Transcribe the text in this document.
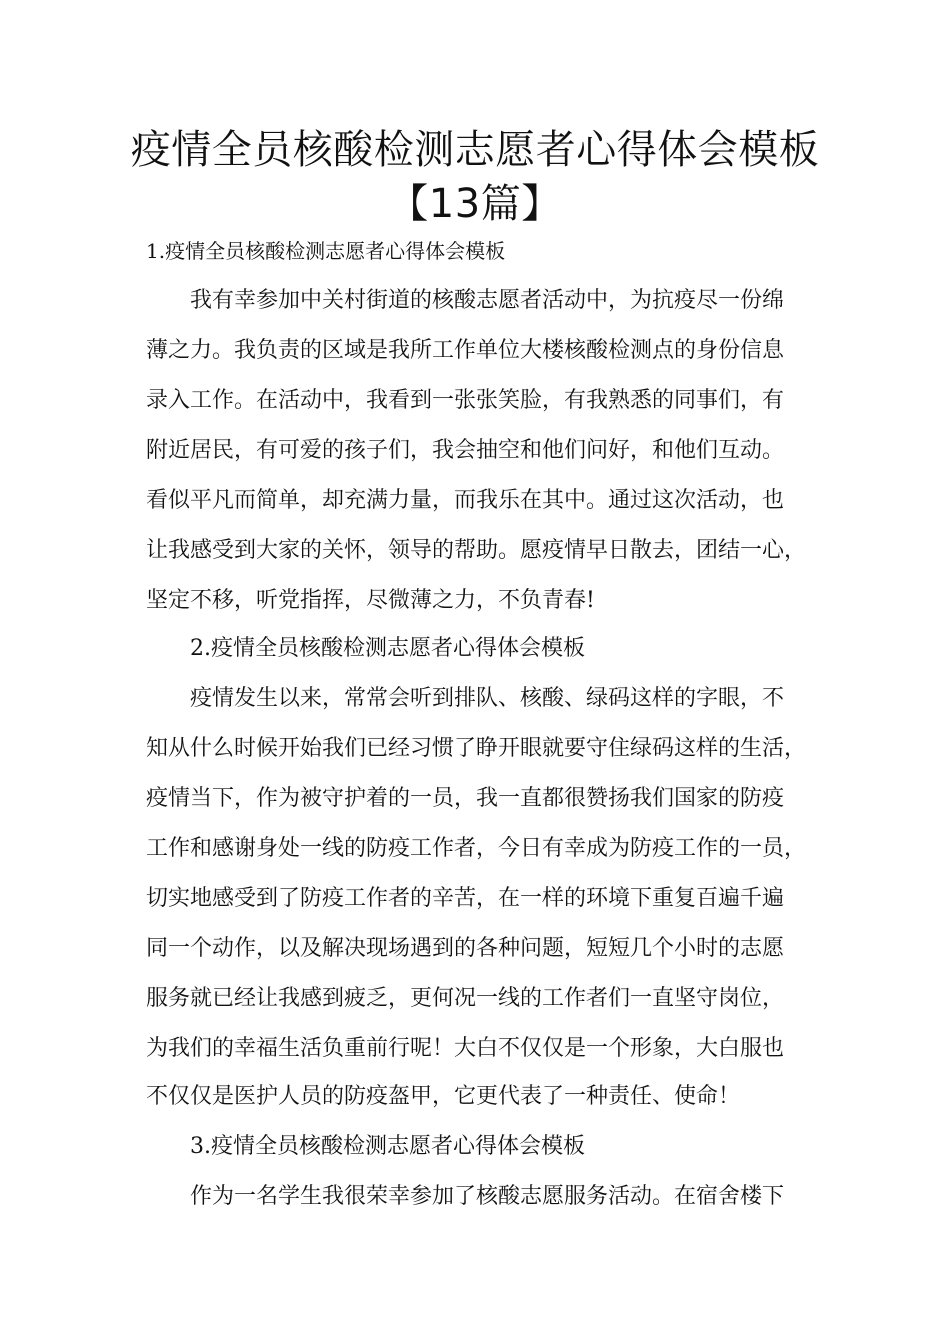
疫情全员核酸检测志愿者心得体会模板
【13篇】

1.疫情全员核酸检测志愿者心得体会模板

我有幸参加中关村街道的核酸志愿者活动中，为抗疫尽一份绵

薄之力。我负责的区域是我所工作单位大楼核酸检测点的身份信息

录入工作。在活动中，我看到一张张笑脸，有我熟悉的同事们，有

附近居民，有可爱的孩子们，我会抽空和他们问好，和他们互动。

看似平凡而简单，却充满力量，而我乐在其中。通过这次活动，也

让我感受到大家的关怀，领导的帮助。愿疫情早日散去，团结一心，

坚定不移，听党指挥，尽微薄之力，不负青春!

2.疫情全员核酸检测志愿者心得体会模板

疫情发生以来，常常会听到排队、核酸、绿码这样的字眼，不

知从什么时候开始我们已经习惯了睁开眼就要守住绿码这样的生活，

疫情当下，作为被守护着的一员，我一直都很赞扬我们国家的防疫

工作和感谢身处一线的防疫工作者，今日有幸成为防疫工作的一员，

切实地感受到了防疫工作者的辛苦，在一样的环境下重复百遍千遍

同一个动作，以及解决现场遇到的各种问题，短短几个小时的志愿

服务就已经让我感到疲乏，更何况一线的工作者们一直坚守岗位，

为我们的幸福生活负重前行呢！大白不仅仅是一个形象，大白服也

不仅仅是医护人员的防疫盔甲，它更代表了一种责任、使命！

3.疫情全员核酸检测志愿者心得体会模板

作为一名学生我很荣幸参加了核酸志愿服务活动。在宿舍楼下
